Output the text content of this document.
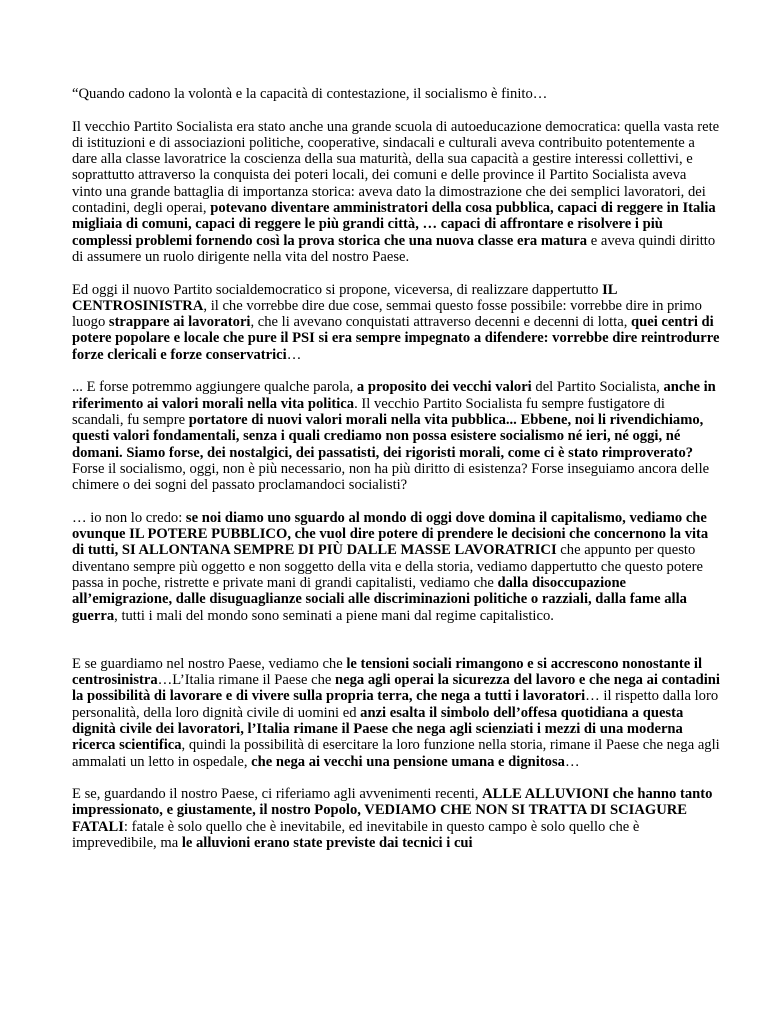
“Quando cadono la volontà e la capacità di contestazione, il socialismo è finito…

Il vecchio Partito Socialista era stato anche una grande scuola di autoeducazione democratica: quella vasta rete di istituzioni e di associazioni politiche, cooperative, sindacali e culturali aveva contribuito potentemente a dare alla classe lavoratrice la coscienza della sua maturità, della sua capacità a gestire interessi collettivi, e soprattutto attraverso la conquista dei poteri locali, dei comuni e delle province il Partito Socialista aveva vinto una grande battaglia di importanza storica: aveva dato la dimostrazione che dei semplici lavoratori, dei contadini, degli operai, potevano diventare amministratori della cosa pubblica, capaci di reggere in Italia migliaia di comuni, capaci di reggere le più grandi città, … capaci di affrontare e risolvere i più complessi problemi fornendo così la prova storica che una nuova classe era matura e aveva quindi diritto di assumere un ruolo dirigente nella vita del nostro Paese.

Ed oggi il nuovo Partito socialdemocratico si propone, viceversa, di realizzare dappertutto IL CENTROSINISTRA, il che vorrebbe dire due cose, semmai questo fosse possibile: vorrebbe dire in primo luogo strappare ai lavoratori, che li avevano conquistati attraverso decenni e decenni di lotta, quei centri di potere popolare e locale che pure il PSI si era sempre impegnato a difendere: vorrebbe dire reintrodurre forze clericali e forze conservatrici…

... E forse potremmo aggiungere qualche parola, a proposito dei vecchi valori del Partito Socialista, anche in riferimento ai valori morali nella vita politica. Il vecchio Partito Socialista fu sempre fustigatore di scandali, fu sempre portatore di nuovi valori morali nella vita pubblica... Ebbene, noi li rivendichiamo, questi valori fondamentali, senza i quali crediamo non possa esistere socialismo né ieri, né oggi, né domani. Siamo forse, dei nostalgici, dei passatisti, dei rigoristi morali, come ci è stato rimproverato? Forse il socialismo, oggi, non è più necessario, non ha più diritto di esistenza? Forse inseguiamo ancora delle chimere o dei sogni del passato proclamandoci socialisti?

… io non lo credo: se noi diamo uno sguardo al mondo di oggi dove domina il capitalismo, vediamo che ovunque IL POTERE PUBBLICO, che vuol dire potere di prendere le decisioni che concernono la vita di tutti, SI ALLONTANA SEMPRE DI PIÙ DALLE MASSE LAVORATRICI che appunto per questo diventano sempre più oggetto e non soggetto della vita e della storia, vediamo dappertutto che questo potere passa in poche, ristrette e private mani di grandi capitalisti, vediamo che dalla disoccupazione all’emigrazione, dalle disuguaglianze sociali alle discriminazioni politiche o razziali, dalla fame alla guerra, tutti i mali del mondo sono seminati a piene mani dal regime capitalistico.

E se guardiamo nel nostro Paese, vediamo che le tensioni sociali rimangono e si accrescono nonostante il centrosinistra…L’Italia rimane il Paese che nega agli operai la sicurezza del lavoro e che nega ai contadini la possibilità di lavorare e di vivere sulla propria terra, che nega a tutti i lavoratori… il rispetto dalla loro personalità, della loro dignità civile di uomini ed anzi esalta il simbolo dell’offesa quotidiana a questa dignità civile dei lavoratori, l’Italia rimane il Paese che nega agli scienziati i mezzi di una moderna ricerca scientifica, quindi la possibilità di esercitare la loro funzione nella storia, rimane il Paese che nega agli ammalati un letto in ospedale, che nega ai vecchi una pensione umana e dignitosa…

E se, guardando il nostro Paese, ci riferiamo agli avvenimenti recenti, ALLE ALLUVIONI che hanno tanto impressionato, e giustamente, il nostro Popolo, VEDIAMO CHE NON SI TRATTA DI SCIAGURE FATALI: fatale è solo quello che è inevitabile, ed inevitabile in questo campo è solo quello che è imprevedibile, ma le alluvioni erano state previste dai tecnici i cui
